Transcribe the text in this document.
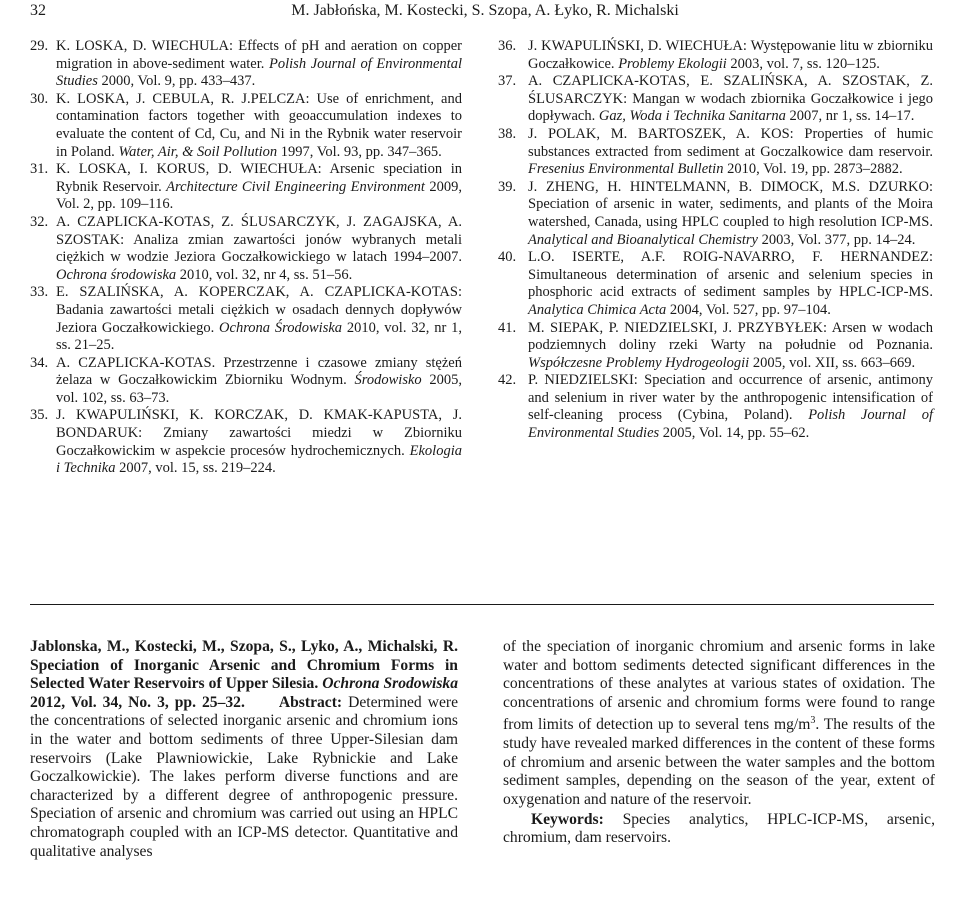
32	M. Jabłońska, M. Kostecki, S. Szopa, A. Łyko, R. Michalski
29. K. LOSKA, D. WIECHULA: Effects of pH and aeration on copper migration in above-sediment water. Polish Journal of Environmental Studies 2000, Vol. 9, pp. 433–437.
30. K. LOSKA, J. CEBULA, R. J.PELCZA: Use of enrichment, and contamination factors together with geoaccumulation indexes to evaluate the content of Cd, Cu, and Ni in the Rybnik water reservoir in Poland. Water, Air, & Soil Pollution 1997, Vol. 93, pp. 347–365.
31. K. LOSKA, I. KORUS, D. WIECHUŁA: Arsenic speciation in Rybnik Reservoir. Architecture Civil Engineering Environment 2009, Vol. 2, pp. 109–116.
32. A. CZAPLICKA-KOTAS, Z. ŚLUSARCZYK, J. ZAGAJSKA, A. SZOSTAK: Analiza zmian zawartości jonów wybranych metali ciężkich w wodzie Jeziora Goczałkowickiego w latach 1994–2007. Ochrona środowiska 2010, vol. 32, nr 4, ss. 51–56.
33. E. SZALIŃSKA, A. KOPERCZAK, A. CZAPLICKA-KOTAS: Badania zawartości metali ciężkich w osadach dennych dopływów Jeziora Goczałkowickiego. Ochrona Środowiska 2010, vol. 32, nr 1, ss. 21–25.
34. A. CZAPLICKA-KOTAS. Przestrzenne i czasowe zmiany stężeń żelaza w Goczałkowickim Zbiorniku Wodnym. Środowisko 2005, vol. 102, ss. 63–73.
35. J. KWAPULIŃSKI, K. KORCZAK, D. KMAK-KAPUSTA, J. BONDARUK: Zmiany zawartości miedzi w Zbiorniku Goczałkowickim w aspekcie procesów hydrochemicznych. Ekologia i Technika 2007, vol. 15, ss. 219–224.
36. J. KWAPULIŃSKI, D. WIECHUŁA: Występowanie litu w zbiorniku Goczałkowice. Problemy Ekologii 2003, vol. 7, ss. 120–125.
37. A. CZAPLICKA-KOTAS, E. SZALIŃSKA, A. SZOSTAK, Z. ŚLUSARCZYK: Mangan w wodach zbiornika Goczałkowice i jego dopływach. Gaz, Woda i Technika Sanitarna 2007, nr 1, ss. 14–17.
38. J. POLAK, M. BARTOSZEK, A. KOS: Properties of humic substances extracted from sediment at Goczalkowice dam reservoir. Fresenius Environmental Bulletin 2010, Vol. 19, pp. 2873–2882.
39. J. ZHENG, H. HINTELMANN, B. DIMOCK, M.S. DZURKO: Speciation of arsenic in water, sediments, and plants of the Moira watershed, Canada, using HPLC coupled to high resolution ICP-MS. Analytical and Bioanalytical Chemistry 2003, Vol. 377, pp. 14–24.
40. L.O. ISERTE, A.F. ROIG-NAVARRO, F. HERNANDEZ: Simultaneous determination of arsenic and selenium species in phosphoric acid extracts of sediment samples by HPLC-ICP-MS. Analytica Chimica Acta 2004, Vol. 527, pp. 97–104.
41. M. SIEPAK, P. NIEDZIELSKI, J. PRZYBYŁEK: Arsen w wodach podziemnych doliny rzeki Warty na południe od Poznania. Współczesne Problemy Hydrogeologii 2005, vol. XII, ss. 663–669.
42. P. NIEDZIELSKI: Speciation and occurrence of arsenic, antimony and selenium in river water by the anthropogenic intensification of self-cleaning process (Cybina, Poland). Polish Journal of Environmental Studies 2005, Vol. 14, pp. 55–62.

Jablonska, M., Kostecki, M., Szopa, S., Lyko, A., Michalski, R. Speciation of Inorganic Arsenic and Chromium Forms in Selected Water Reservoirs of Upper Silesia. Ochrona Srodowiska 2012, Vol. 34, No. 3, pp. 25–32. Abstract: Determined were the concentrations of selected inorganic arsenic and chromium ions in the water and bottom sediments of three Upper-Silesian dam reservoirs (Lake Plawniowickie, Lake Rybnickie and Lake Goczalkowickie). The lakes perform diverse functions and are characterized by a different degree of anthropogenic pressure. Speciation of arsenic and chromium was carried out using an HPLC chromatograph coupled with an ICP-MS detector. Quantitative and qualitative analyses

of the speciation of inorganic chromium and arsenic forms in lake water and bottom sediments detected significant differences in the concentrations of these analytes at various states of oxidation. The concentrations of arsenic and chromium forms were found to range from limits of detection up to several tens $mg/m^3$. The results of the study have revealed marked differences in the content of these forms of chromium and arsenic between the water samples and the bottom sediment samples, depending on the season of the year, extent of oxygenation and nature of the reservoir.

Keywords: Species analytics, HPLC-ICP-MS, arsenic, chromium, dam reservoirs.
